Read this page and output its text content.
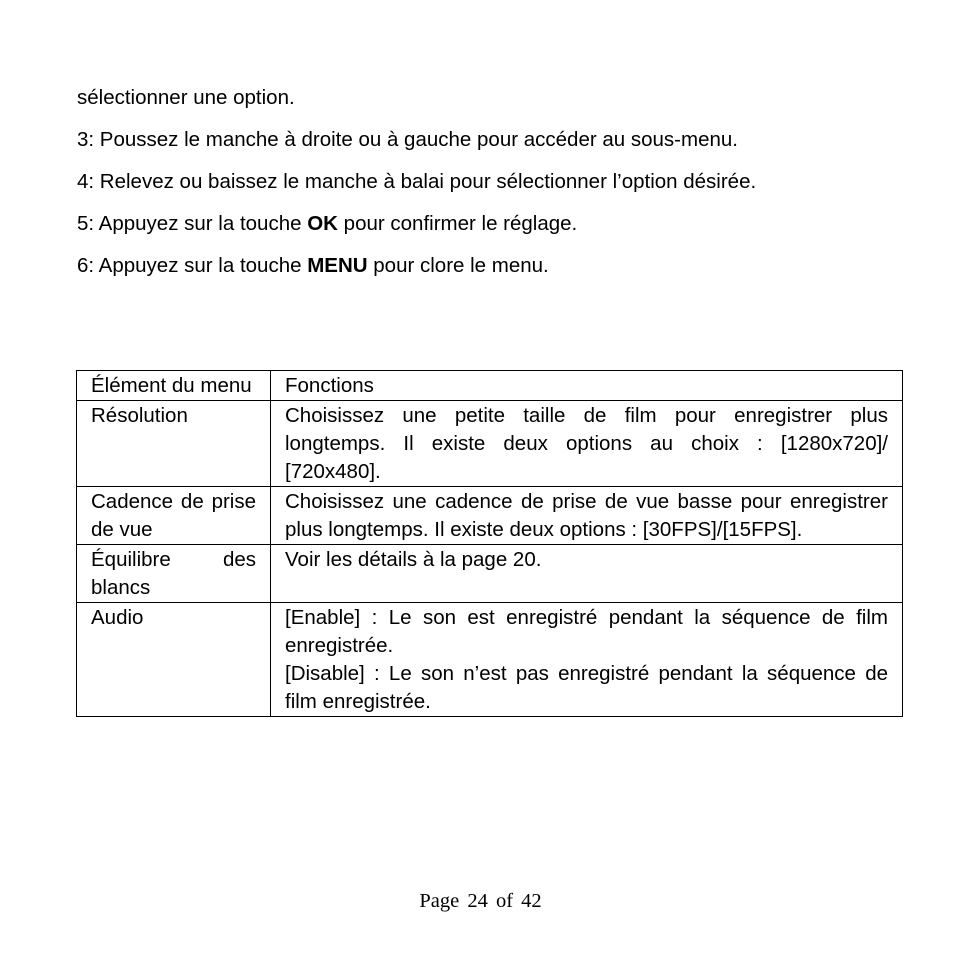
sélectionner une option.
3: Poussez le manche à droite ou à gauche pour accéder au sous-menu.
4: Relevez ou baissez le manche à balai pour sélectionner l’option désirée.
5: Appuyez sur la touche OK pour confirmer le réglage.
6: Appuyez sur la touche MENU pour clore le menu.
Élément du menu	Fonctions
Résolution	Choisissez une petite taille de film pour enregistrer plus longtemps. Il existe deux options au choix : [1280x720]/ [720x480].

Cadence de prise de vue	Choisissez une cadence de prise de vue basse pour enregistrer plus longtemps. Il existe deux options : [30FPS]/[15FPS].

Équilibre des blancs	Voir les détails à la page 20.

Audio	[Enable] : Le son est enregistré pendant la séquence de film enregistrée.
[Disable] : Le son n’est pas enregistré pendant la séquence de film enregistrée.
Page 24 of 42
